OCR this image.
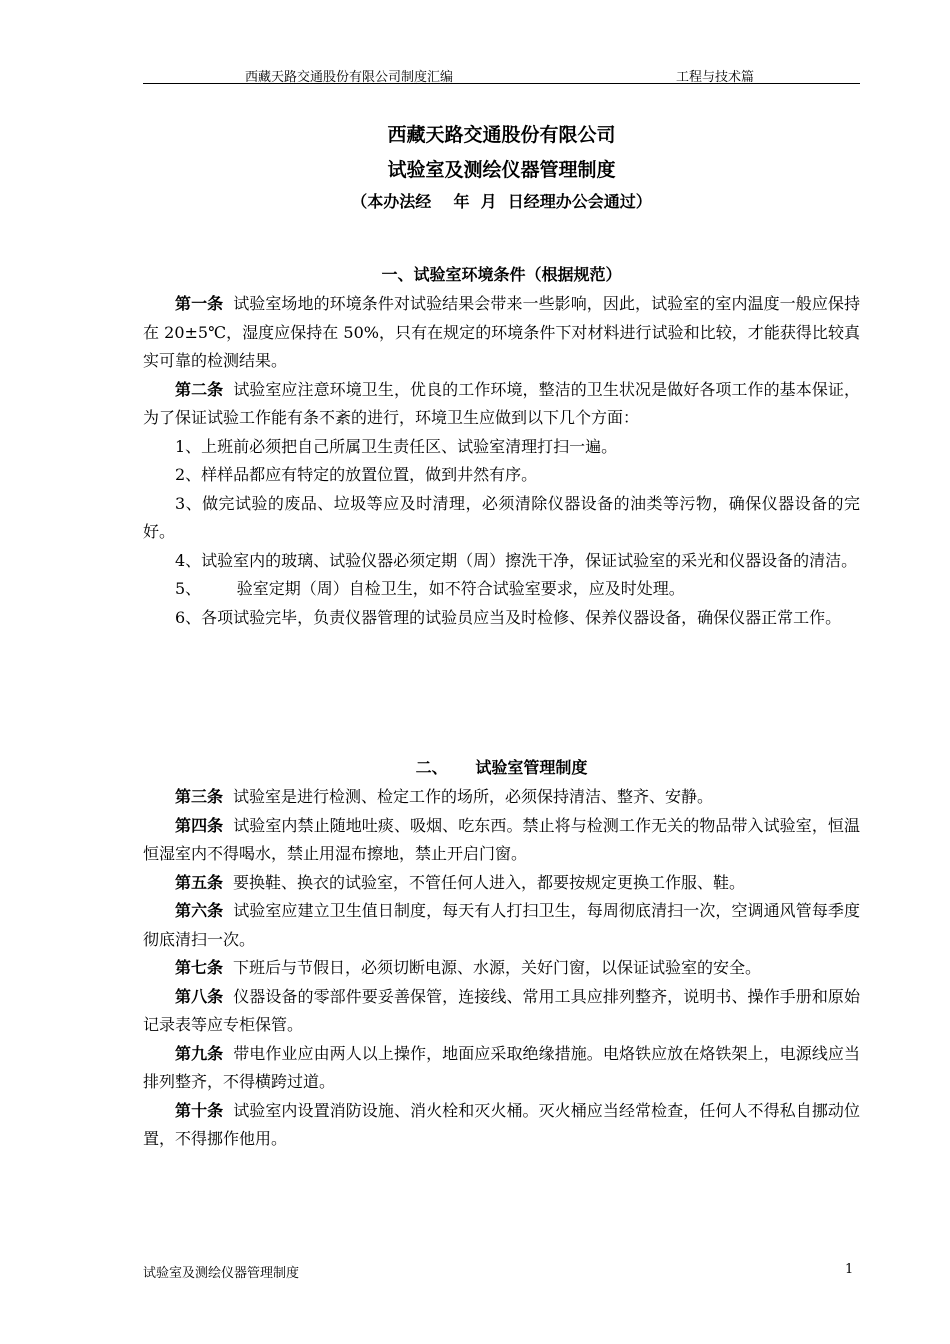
西藏天路交通股份有限公司制度汇编	工程与技术篇
西藏天路交通股份有限公司
试验室及测绘仪器管理制度
（本办法经    年  月  日经理办公会通过）
一、试验室环境条件（根据规范）

第一条 试验室场地的环境条件对试验结果会带来一些影响，因此，试验室的室内温度一般应保持在 20±5℃，湿度应保持在 50%，只有在规定的环境条件下对材料进行试验和比较，才能获得比较真实可靠的检测结果。

第二条 试验室应注意环境卫生，优良的工作环境，整洁的卫生状况是做好各项工作的基本保证，为了保证试验工作能有条不紊的进行，环境卫生应做到以下几个方面：

1、上班前必须把自己所属卫生责任区、试验室清理打扫一遍。

2、样样品都应有特定的放置位置，做到井然有序。

3、做完试验的废品、垃圾等应及时清理，必须清除仪器设备的油类等污物，确保仪器设备的完好。

4、试验室内的玻璃、试验仪器必须定期（周）擦洗干净，保证试验室的采光和仪器设备的清洁。

5、       验室定期（周）自检卫生，如不符合试验室要求，应及时处理。

6、各项试验完毕，负责仪器管理的试验员应当及时检修、保养仪器设备，确保仪器正常工作。

二、     试验室管理制度

第三条 试验室是进行检测、检定工作的场所，必须保持清洁、整齐、安静。

第四条 试验室内禁止随地吐痰、吸烟、吃东西。禁止将与检测工作无关的物品带入试验室，恒温恒湿室内不得喝水，禁止用湿布擦地，禁止开启门窗。

第五条 要换鞋、换衣的试验室，不管任何人进入，都要按规定更换工作服、鞋。

第六条 试验室应建立卫生值日制度，每天有人打扫卫生，每周彻底清扫一次，空调通风管每季度彻底清扫一次。

第七条 下班后与节假日，必须切断电源、水源，关好门窗，以保证试验室的安全。

第八条 仪器设备的零部件要妥善保管，连接线、常用工具应排列整齐，说明书、操作手册和原始记录表等应专柜保管。

第九条 带电作业应由两人以上操作，地面应采取绝缘措施。电烙铁应放在烙铁架上，电源线应当排列整齐，不得横跨过道。

第十条 试验室内设置消防设施、消火栓和灭火桶。灭火桶应当经常检查，任何人不得私自挪动位置，不得挪作他用。

试验室及测绘仪器管理制度	1
